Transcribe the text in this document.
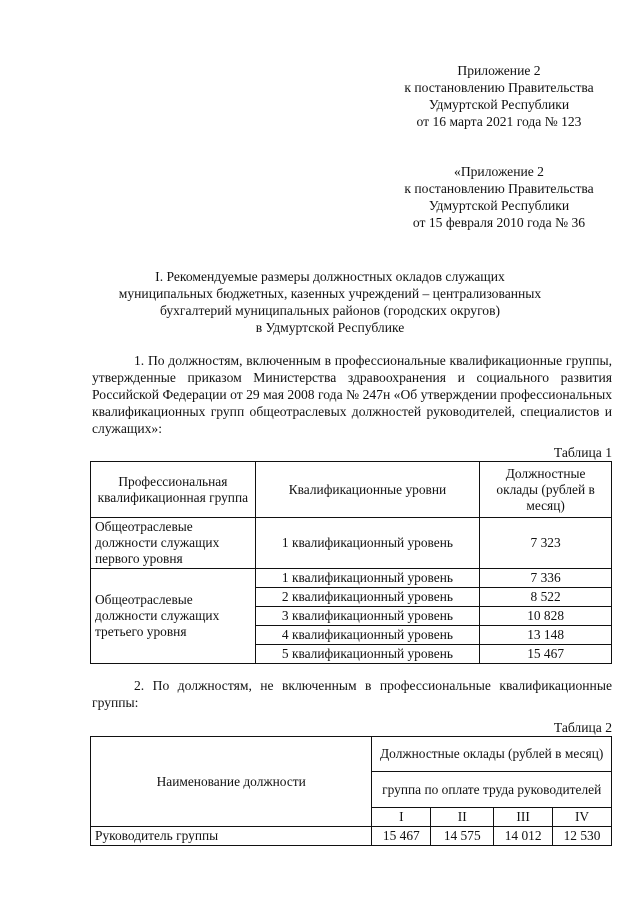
Приложение 2
к постановлению Правительства
Удмуртской Республики
от 16 марта 2021 года № 123
«Приложение 2
к постановлению Правительства
Удмуртской Республики
от 15 февраля 2010 года № 36
I. Рекомендуемые размеры должностных окладов служащих
муниципальных бюджетных, казенных учреждений – централизованных
бухгалтерий муниципальных районов (городских округов)
в Удмуртской Республике
1. По должностям, включенным в профессиональные квалификационные группы, утвержденные приказом Министерства здравоохранения и социального развития Российской Федерации от 29 мая 2008 года № 247н «Об утверждении профессиональных квалификационных групп общеотраслевых должностей руководителей, специалистов и служащих»:
Таблица 1
Профессиональная квалификационная группа	Квалификационные уровни	Должностные оклады (рублей в месяц)
Общеотраслевые должности служащих первого уровня	1 квалификационный уровень	7 323
Общеотраслевые должности служащих третьего уровня	1 квалификационный уровень	7 336
	2 квалификационный уровень	8 522
	3 квалификационный уровень	10 828
	4 квалификационный уровень	13 148
	5 квалификационный уровень	15 467
2. По должностям, не включенным в профессиональные квалификационные группы:
Таблица 2
Наименование должности	Должностные оклады (рублей в месяц)			
	группа по оплате труда руководителей			
	I	II	III	IV
Руководитель группы	15 467	14 575	14 012	12 530
